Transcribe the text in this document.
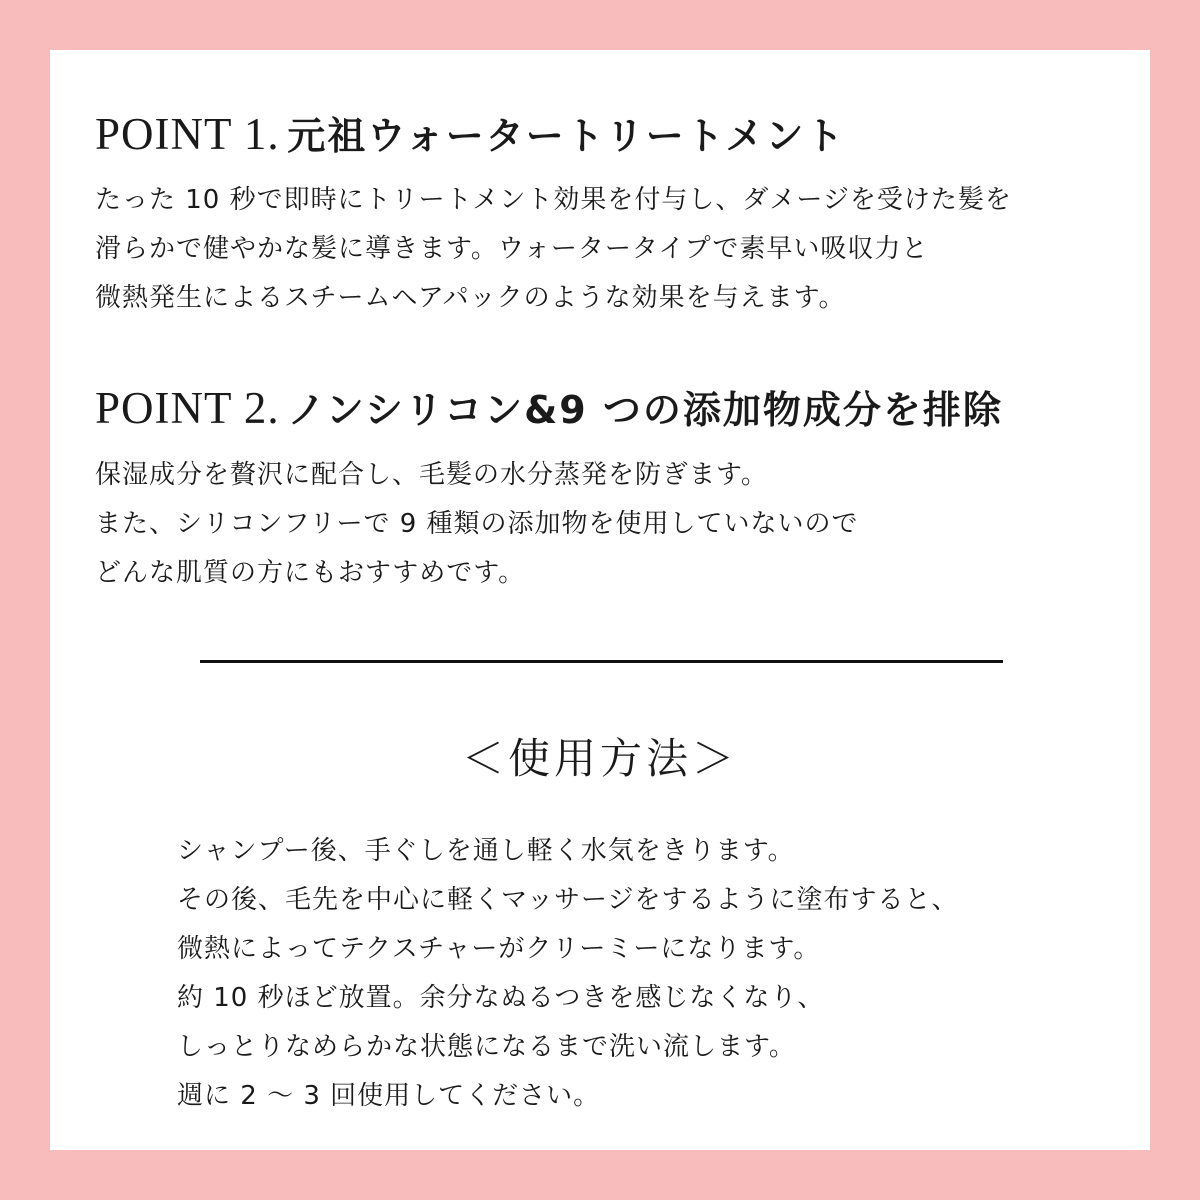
POINT 1. 元祖ウォータートリートメント
たった 10 秒で即時にトリートメント効果を付与し、ダメージを受けた髪を
滑らかで健やかな髪に導きます。ウォータータイプで素早い吸収力と
微熱発生によるスチームヘアパックのような効果を与えます。
POINT 2. ノンシリコン&9 つの添加物成分を排除
保湿成分を贅沢に配合し、毛髪の水分蒸発を防ぎます。
また、シリコンフリーで 9 種類の添加物を使用していないので
どんな肌質の方にもおすすめです。
＜使用方法＞
シャンプー後、手ぐしを通し軽く水気をきります。
その後、毛先を中心に軽くマッサージをするように塗布すると、
微熱によってテクスチャーがクリーミーになります。
約 10 秒ほど放置。余分なぬるつきを感じなくなり、
しっとりなめらかな状態になるまで洗い流します。
週に 2 ～ 3 回使用してください。
